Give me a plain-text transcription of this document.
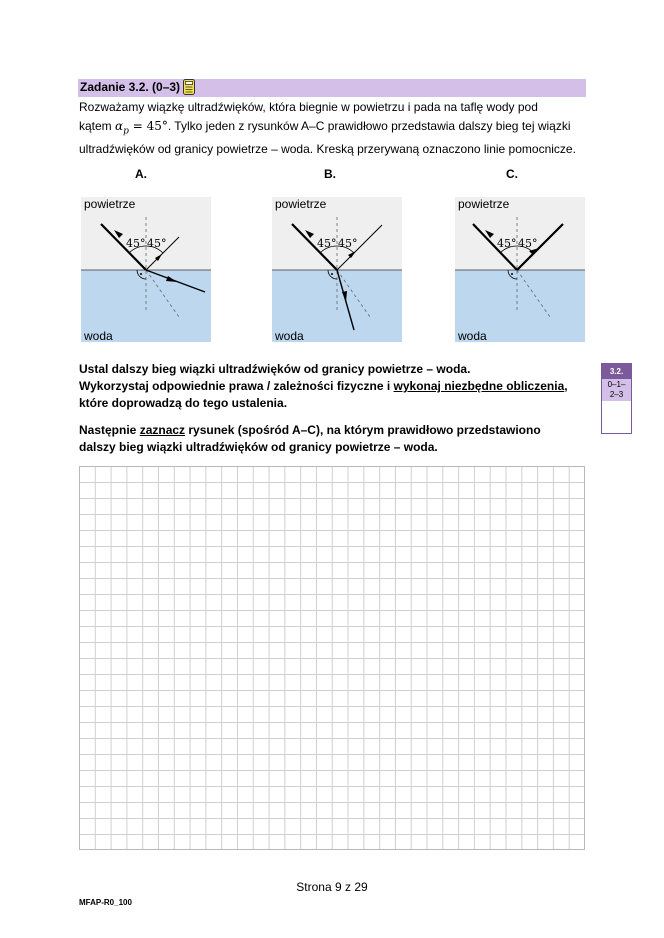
Zadanie 3.2. (0–3)

Rozważamy wiązkę ultradźwięków, która biegnie w powietrzu i pada na taflę wody pod

kątem $\alpha_p = 45^\circ$. Tylko jeden z rysunków A–C prawidłowo przedstawia dalszy bieg tej wiązki

ultradźwięków od granicy powietrze – woda. Kreską przerywaną oznaczono linie pomocnicze.

A.	B.	C.
45° 45°
powietrze
woda
45° 45°
powietrze
woda
45° 45°
powietrze
woda

Ustal dalszy bieg wiązki ultradźwięków od granicy powietrze – woda.

Wykorzystaj odpowiednie prawa / zależności fizyczne i wykonaj niezbędne obliczenia,

które doprowadzą do tego ustalenia.

Następnie zaznacz rysunek (spośród A–C), na którym prawidłowo przedstawiono

dalszy bieg wiązki ultradźwięków od granicy powietrze – woda.

3.2.
0–1–
2–3
Strona 9 z 29
MFAP-R0_100
